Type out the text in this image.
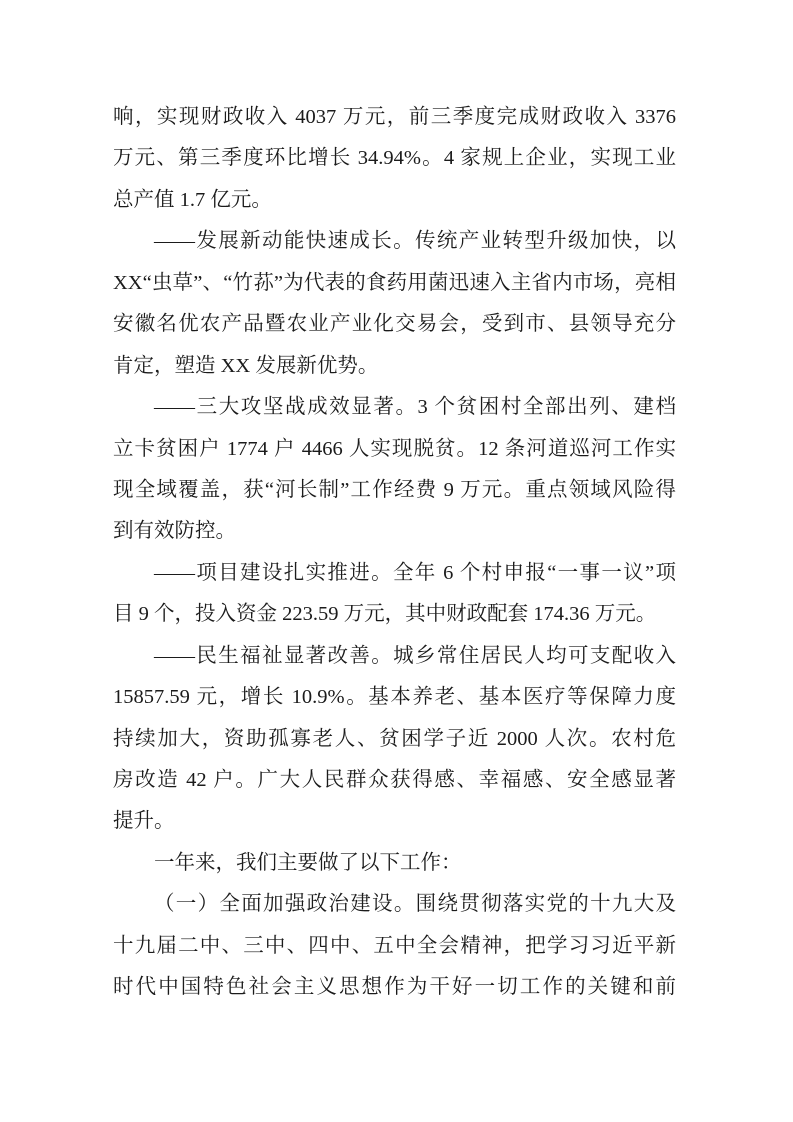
响，实现财政收入 4037 万元，前三季度完成财政收入 3376
万元、第三季度环比增长 34.94%。4 家规上企业，实现工业
总产值 1.7 亿元。
——发展新动能快速成长。传统产业转型升级加快，以
XX“虫草”、“竹荪”为代表的食药用菌迅速入主省内市场，亮相
安徽名优农产品暨农业产业化交易会，受到市、县领导充分
肯定，塑造 XX 发展新优势。
——三大攻坚战成效显著。3 个贫困村全部出列、建档
立卡贫困户 1774 户 4466 人实现脱贫。12 条河道巡河工作实
现全域覆盖，获“河长制”工作经费 9 万元。重点领域风险得
到有效防控。
——项目建设扎实推进。全年 6 个村申报“一事一议”项
目 9 个，投入资金 223.59 万元，其中财政配套 174.36 万元。
——民生福祉显著改善。城乡常住居民人均可支配收入
15857.59 元，增长 10.9%。基本养老、基本医疗等保障力度
持续加大，资助孤寡老人、贫困学子近 2000 人次。农村危
房改造 42 户。广大人民群众获得感、幸福感、安全感显著
提升。
一年来，我们主要做了以下工作：
（一）全面加强政治建设。围绕贯彻落实党的十九大及
十九届二中、三中、四中、五中全会精神，把学习习近平新
时代中国特色社会主义思想作为干好一切工作的关键和前
